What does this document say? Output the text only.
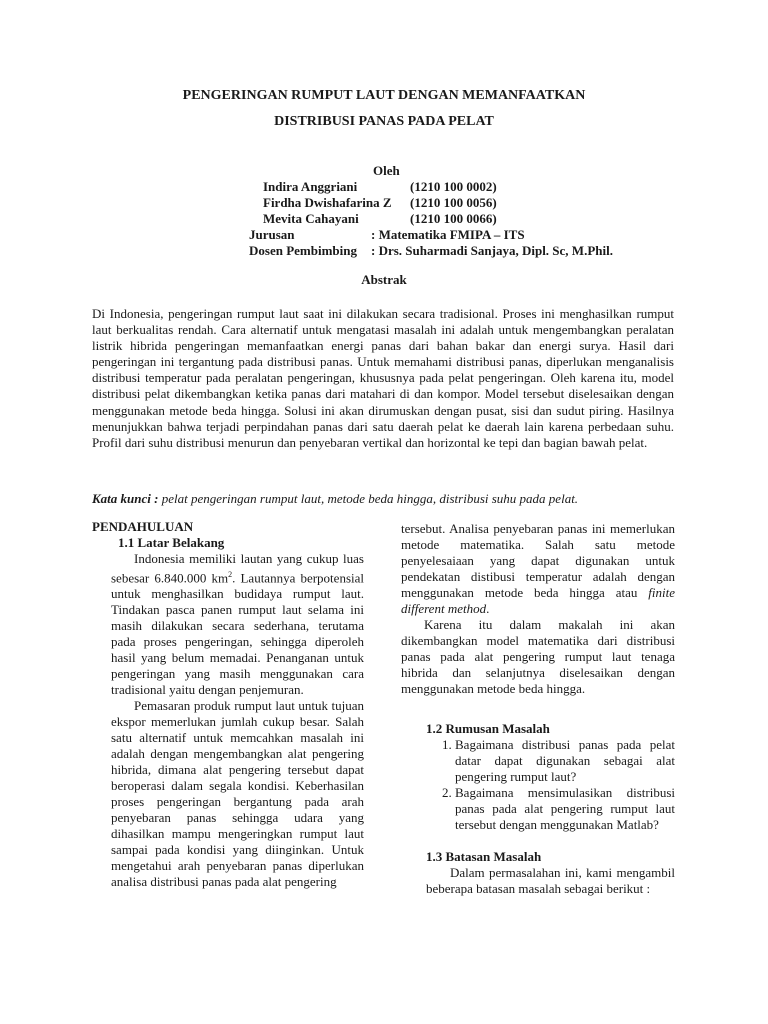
PENGERINGAN RUMPUT LAUT DENGAN MEMANFAATKAN
DISTRIBUSI PANAS PADA PELAT
Oleh
Indira Anggriani	(1210 100 0002)
Firdha Dwishafarina Z (1210 100 0056)
Mevita Cahayani	(1210 100 0066)
Jurusan	: Matematika FMIPA – ITS
Dosen Pembimbing : Drs. Suharmadi Sanjaya, Dipl. Sc, M.Phil.
Abstrak

Di Indonesia, pengeringan rumput laut saat ini dilakukan secara tradisional. Proses ini menghasilkan rumput laut berkualitas rendah. Cara alternatif untuk mengatasi masalah ini adalah untuk mengembangkan peralatan listrik hibrida pengeringan memanfaatkan energi panas dari bahan bakar dan energi surya. Hasil dari pengeringan ini tergantung pada distribusi panas. Untuk memahami distribusi panas, diperlukan menganalisis distribusi temperatur pada peralatan pengeringan, khususnya pada pelat pengeringan. Oleh karena itu, model distribusi pelat dikembangkan ketika panas dari matahari di dan kompor. Model tersebut diselesaikan dengan menggunakan metode beda hingga. Solusi ini akan dirumuskan dengan pusat, sisi dan sudut piring. Hasilnya menunjukkan bahwa terjadi perpindahan panas dari satu daerah pelat ke daerah lain karena perbedaan suhu. Profil dari suhu distribusi menurun dan penyebaran vertikal dan horizontal ke tepi dan bagian bawah pelat.

Kata kunci : pelat pengeringan rumput laut, metode beda hingga, distribusi suhu pada pelat.

PENDAHULUAN

1.1 Latar Belakang

Indonesia memiliki lautan yang cukup luas sebesar 6.840.000 $km^2$. Lautannya berpotensial untuk menghasilkan budidaya rumput laut. Tindakan pasca panen rumput laut selama ini masih dilakukan secara sederhana, terutama pada proses pengeringan, sehingga diperoleh hasil yang belum memadai. Penanganan untuk pengeringan yang masih menggunakan cara tradisional yaitu dengan penjemuran.

Pemasaran produk rumput laut untuk tujuan ekspor memerlukan jumlah cukup besar. Salah satu alternatif untuk memcahkan masalah ini adalah dengan mengembangkan alat pengering hibrida, dimana alat pengering tersebut dapat beroperasi dalam segala kondisi. Keberhasilan proses pengeringan bergantung pada arah penyebaran panas sehingga udara yang dihasilkan mampu mengeringkan rumput laut sampai pada kondisi yang diinginkan. Untuk mengetahui arah penyebaran panas diperlukan analisa distribusi panas pada alat pengering

tersebut. Analisa penyebaran panas ini memerlukan metode matematika. Salah satu metode penyelesaiaan yang dapat digunakan untuk pendekatan distibusi temperatur adalah dengan menggunakan metode beda hingga atau finite different method.

Karena itu dalam makalah ini akan dikembangkan model matematika dari distribusi panas pada alat pengering rumput laut tenaga hibrida dan selanjutnya diselesaikan dengan menggunakan metode beda hingga.

1.2 Rumusan Masalah

1. Bagaimana distribusi panas pada pelat datar dapat digunakan sebagai alat pengering rumput laut?
2. Bagaimana mensimulasikan distribusi panas pada alat pengering rumput laut tersebut dengan menggunakan Matlab?

1.3 Batasan Masalah

Dalam permasalahan ini, kami mengambil beberapa batasan masalah sebagai berikut :
